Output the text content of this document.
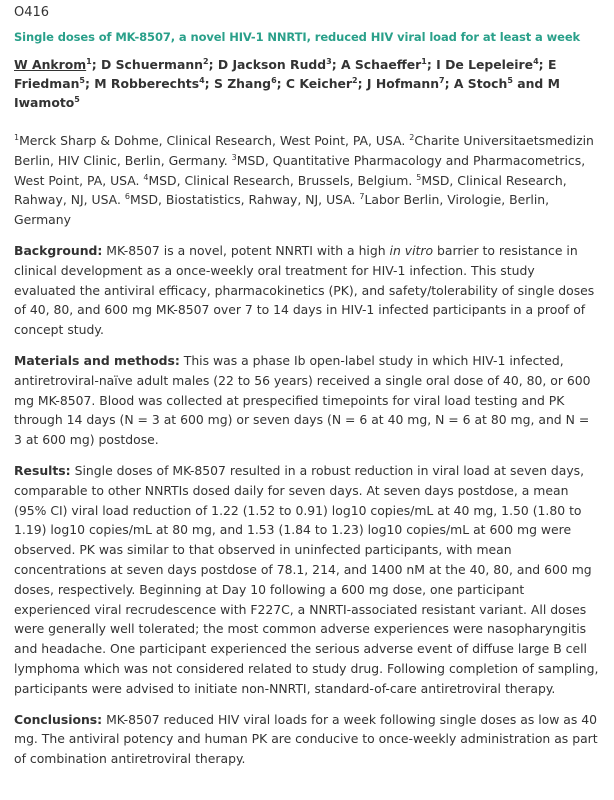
O416
Single doses of MK-8507, a novel HIV-1 NNRTI, reduced HIV viral load for at least a week
W Ankrom$^1$; D Schuermann$^2$; D Jackson Rudd$^3$; A Schaeffer$^1$; I De Lepeleire$^4$; E Friedman$^5$; M Robberechts$^4$; S Zhang$^6$; C Keicher$^2$; J Hofmann$^7$; A Stoch$^5$ and M Iwamoto$^5$
$^1$Merck Sharp & Dohme, Clinical Research, West Point, PA, USA. $^2$Charite Universitaetsmedizin Berlin, HIV Clinic, Berlin, Germany. $^3$MSD, Quantitative Pharmacology and Pharmacometrics, West Point, PA, USA. $^4$MSD, Clinical Research, Brussels, Belgium. $^5$MSD, Clinical Research, Rahway, NJ, USA. $^6$MSD, Biostatistics, Rahway, NJ, USA. $^7$Labor Berlin, Virologie, Berlin, Germany
Background: MK-8507 is a novel, potent NNRTI with a high in vitro barrier to resistance in clinical development as a once-weekly oral treatment for HIV-1 infection. This study evaluated the antiviral efficacy, pharmacokinetics (PK), and safety/tolerability of single doses of 40, 80, and 600 mg MK-8507 over 7 to 14 days in HIV-1 infected participants in a proof of concept study.
Materials and methods: This was a phase Ib open-label study in which HIV-1 infected, antiretroviral-naïve adult males (22 to 56 years) received a single oral dose of 40, 80, or 600 mg MK-8507. Blood was collected at prespecified timepoints for viral load testing and PK through 14 days (N = 3 at 600 mg) or seven days (N = 6 at 40 mg, N = 6 at 80 mg, and N = 3 at 600 mg) postdose.
Results: Single doses of MK-8507 resulted in a robust reduction in viral load at seven days, comparable to other NNRTIs dosed daily for seven days. At seven days postdose, a mean (95% CI) viral load reduction of 1.22 (1.52 to 0.91) log10 copies/mL at 40 mg, 1.50 (1.80 to 1.19) log10 copies/mL at 80 mg, and 1.53 (1.84 to 1.23) log10 copies/mL at 600 mg were observed. PK was similar to that observed in uninfected participants, with mean concentrations at seven days postdose of 78.1, 214, and 1400 nM at the 40, 80, and 600 mg doses, respectively. Beginning at Day 10 following a 600 mg dose, one participant experienced viral recrudescence with F227C, a NNRTI-associated resistant variant. All doses were generally well tolerated; the most common adverse experiences were nasopharyngitis and headache. One participant experienced the serious adverse event of diffuse large B cell lymphoma which was not considered related to study drug. Following completion of sampling, participants were advised to initiate non-NNRTI, standard-of-care antiretroviral therapy.
Conclusions: MK-8507 reduced HIV viral loads for a week following single doses as low as 40 mg. The antiviral potency and human PK are conducive to once-weekly administration as part of combination antiretroviral therapy.
